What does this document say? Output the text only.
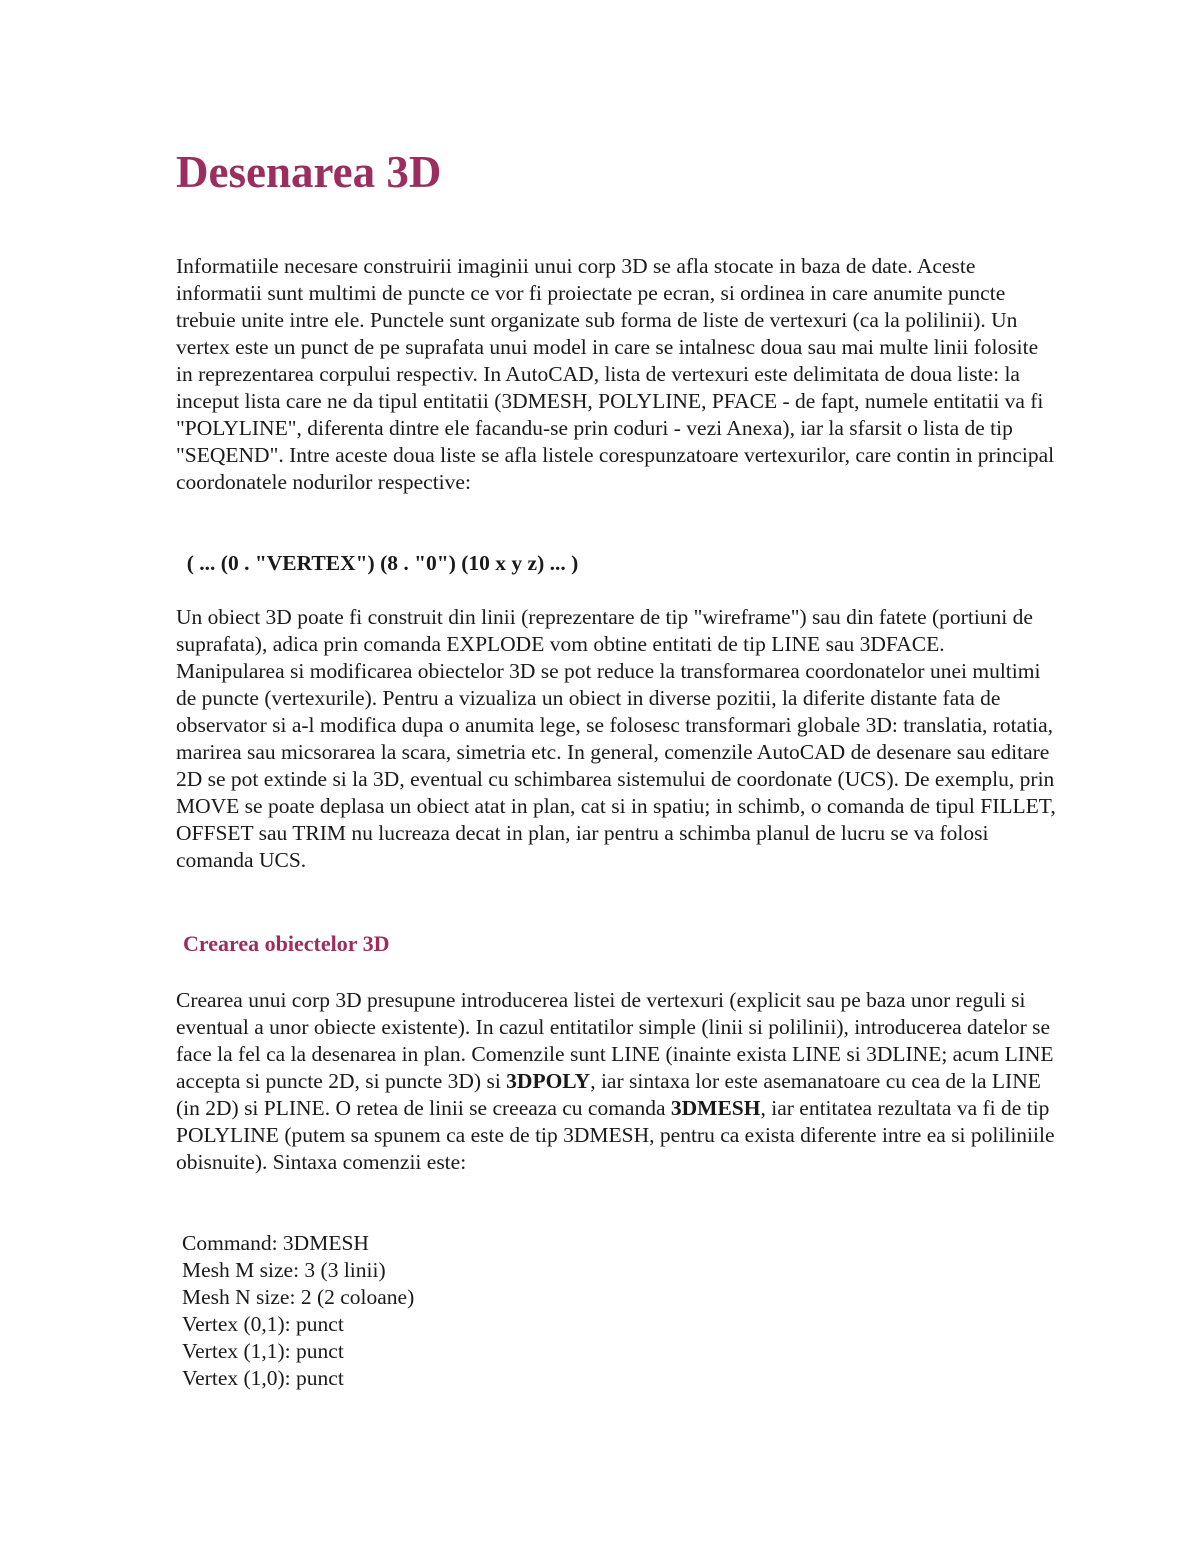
Desenarea 3D

Informatiile necesare construirii imaginii unui corp 3D se afla stocate in baza de date. Aceste informatii sunt multimi de puncte ce vor fi proiectate pe ecran, si ordinea in care anumite puncte trebuie unite intre ele. Punctele sunt organizate sub forma de liste de vertexuri (ca la polilinii). Un vertex este un punct de pe suprafata unui model in care se intalnesc doua sau mai multe linii folosite in reprezentarea corpului respectiv. In AutoCAD, lista de vertexuri este delimitata de doua liste: la inceput lista care ne da tipul entitatii (3DMESH, POLYLINE, PFACE - de fapt, numele entitatii va fi "POLYLINE", diferenta dintre ele facandu-se prin coduri - vezi Anexa), iar la sfarsit o lista de tip "SEQEND". Intre aceste doua liste se afla listele corespunzatoare vertexurilor, care contin in principal coordonatele nodurilor respective:

( ... (0 . "VERTEX") (8 . "0") (10 x y z) ... )

Un obiect 3D poate fi construit din linii (reprezentare de tip "wireframe") sau din fatete (portiuni de suprafata), adica prin comanda EXPLODE vom obtine entitati de tip LINE sau 3DFACE. Manipularea si modificarea obiectelor 3D se pot reduce la transformarea coordonatelor unei multimi de puncte (vertexurile). Pentru a vizualiza un obiect in diverse pozitii, la diferite distante fata de observator si a-l modifica dupa o anumita lege, se folosesc transformari globale 3D: translatia, rotatia, marirea sau micsorarea la scara, simetria etc. In general, comenzile AutoCAD de desenare sau editare 2D se pot extinde si la 3D, eventual cu schimbarea sistemului de coordonate (UCS). De exemplu, prin MOVE se poate deplasa un obiect atat in plan, cat si in spatiu; in schimb, o comanda de tipul FILLET, OFFSET sau TRIM nu lucreaza decat in plan, iar pentru a schimba planul de lucru se va folosi comanda UCS.

Crearea obiectelor 3D

Crearea unui corp 3D presupune introducerea listei de vertexuri (explicit sau pe baza unor reguli si eventual a unor obiecte existente). In cazul entitatilor simple (linii si polilinii), introducerea datelor se face la fel ca la desenarea in plan. Comenzile sunt LINE (inainte exista LINE si 3DLINE; acum LINE accepta si puncte 2D, si puncte 3D) si 3DPOLY, iar sintaxa lor este asemanatoare cu cea de la LINE (in 2D) si PLINE. O retea de linii se creeaza cu comanda 3DMESH, iar entitatea rezultata va fi de tip POLYLINE (putem sa spunem ca este de tip 3DMESH, pentru ca exista diferente intre ea si poliliniile obisnuite). Sintaxa comenzii este:

Command: 3DMESH
Mesh M size: 3 (3 linii)
Mesh N size: 2 (2 coloane)
Vertex (0,1): punct
Vertex (1,1): punct
Vertex (1,0): punct
